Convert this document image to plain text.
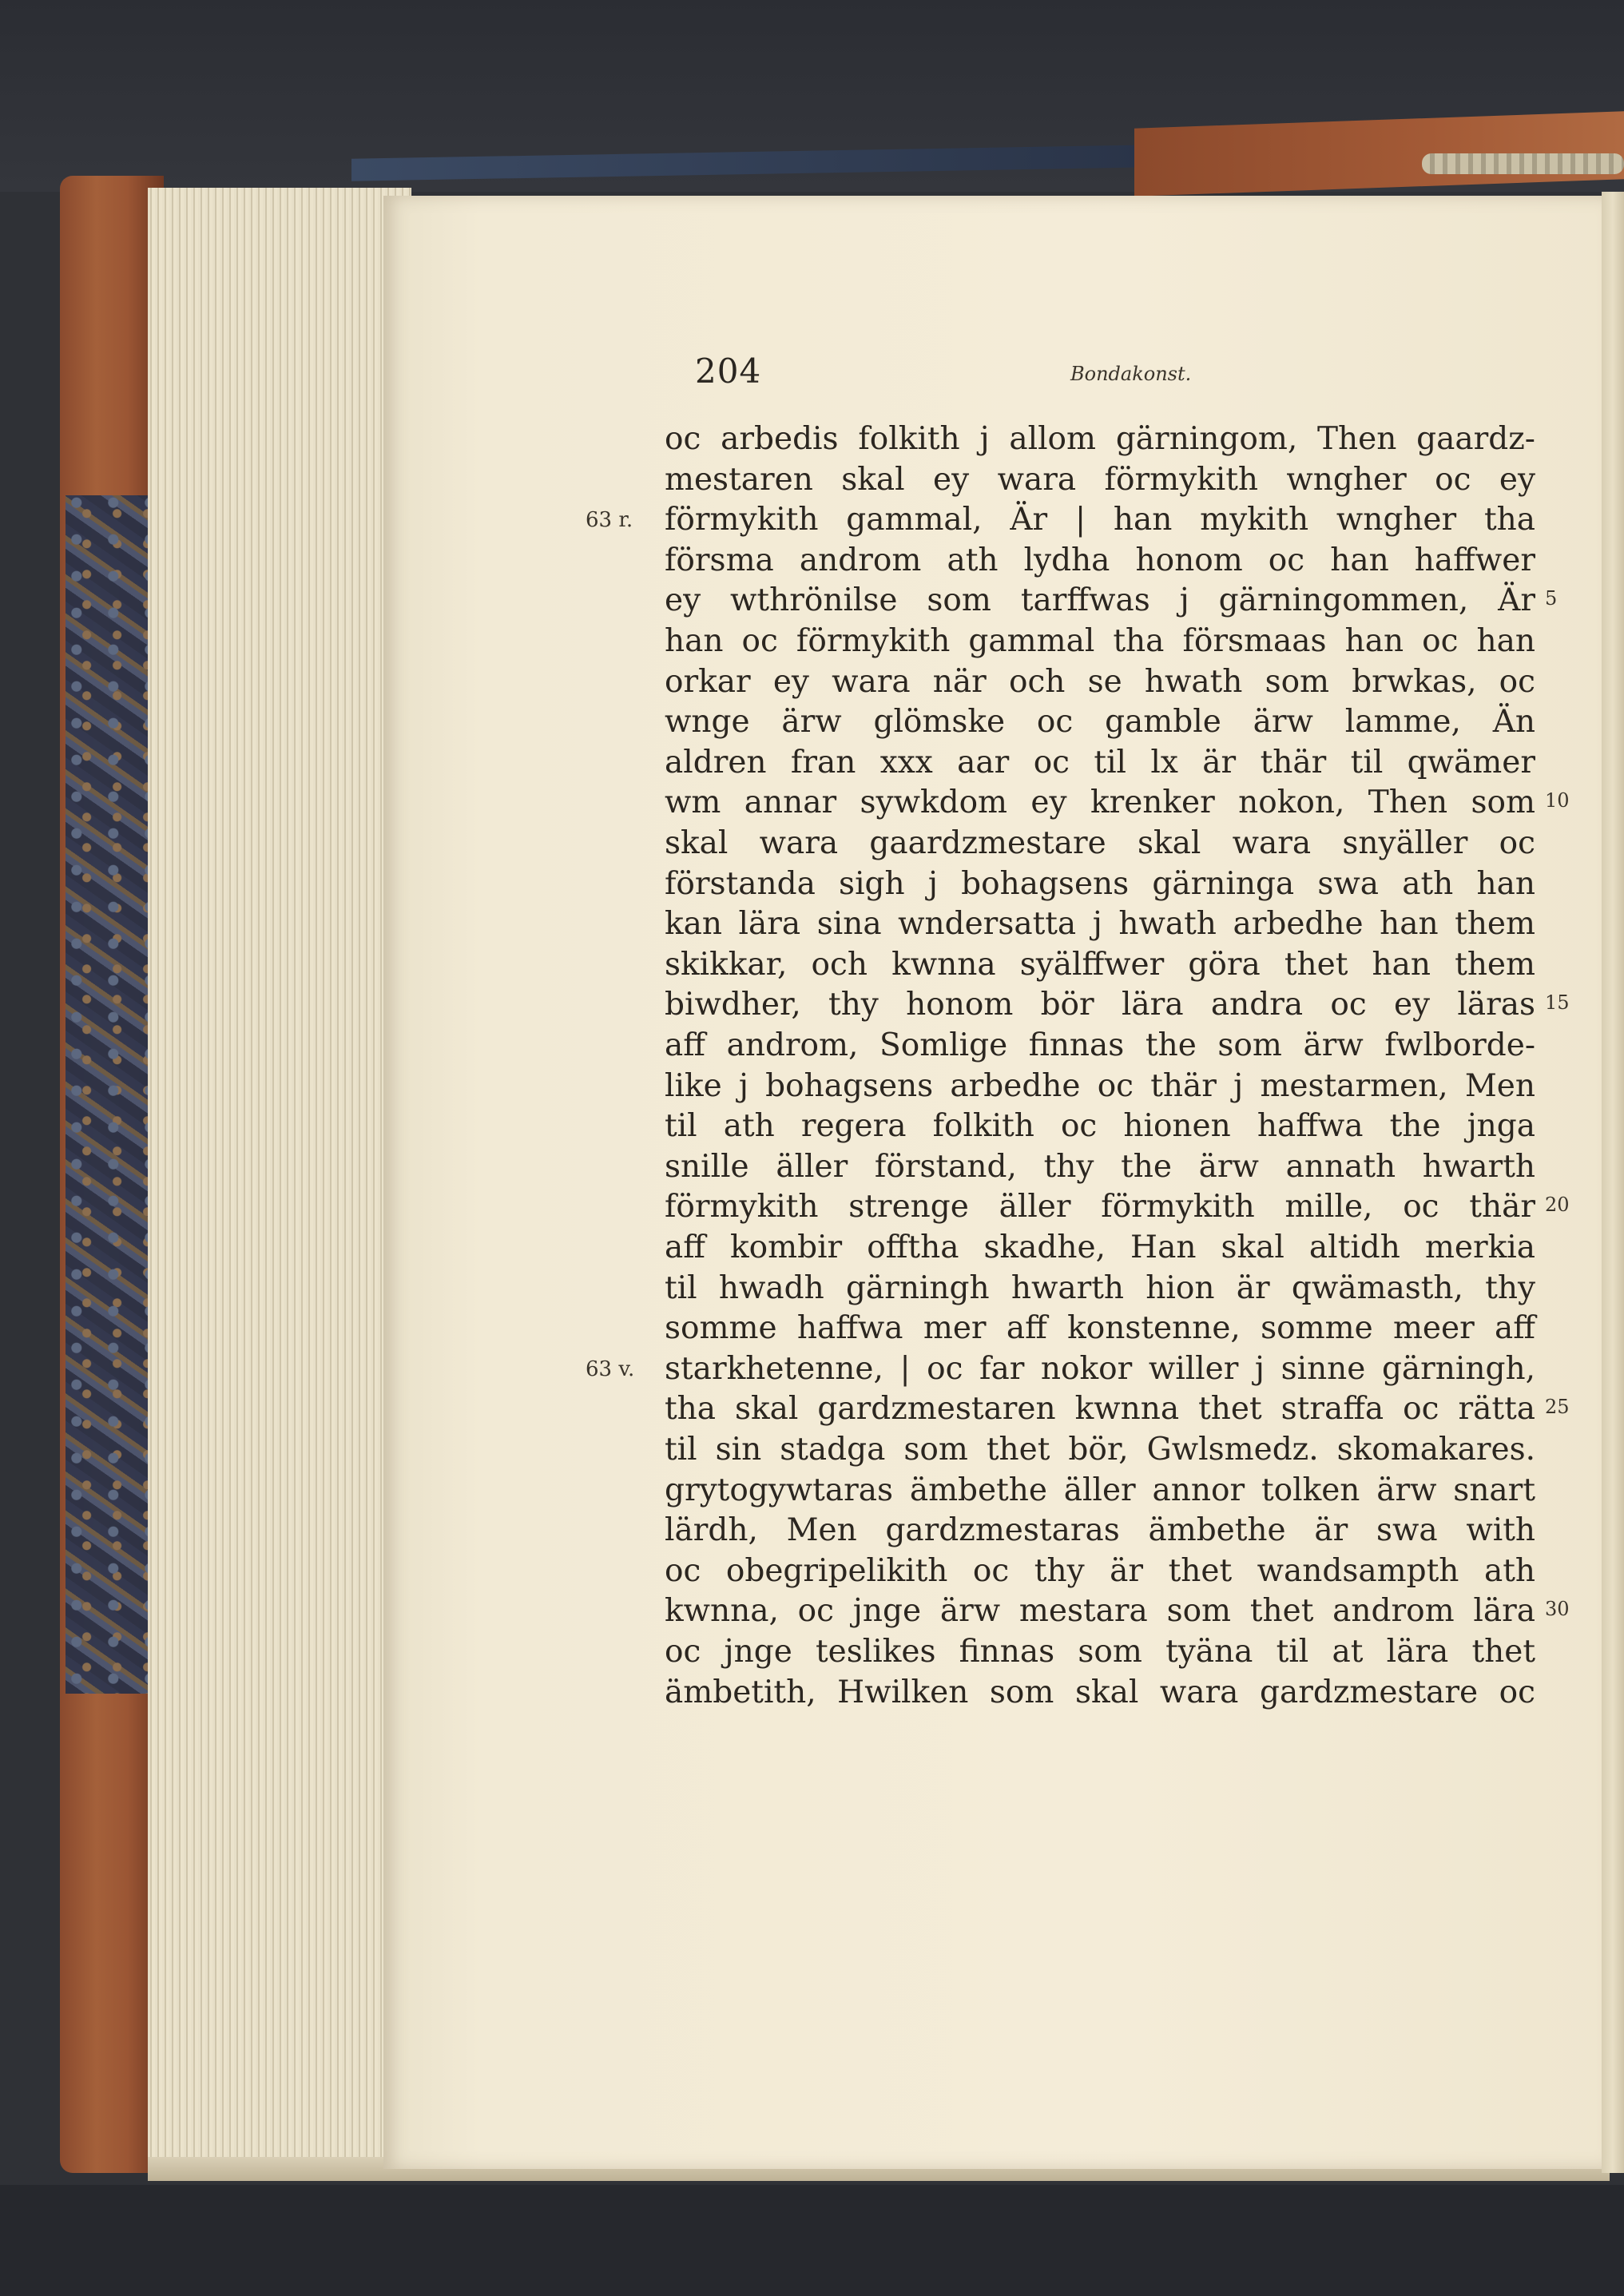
204	Bondakonst.
oc arbedis folkith j allom gärningom, Then gaardz-
mestaren skal ey wara förmykith wngher oc ey
förmykith gammal, Är | han mykith wngher tha
försma androm ath lydha honom oc han haffwer
ey wthrönilse som tarffwas j gärningommen, Är
han oc förmykith gammal tha försmaas han oc han
orkar ey wara när och se hwath som brwkas, oc
wnge ärw glömske oc gamble ärw lamme, Än
aldren fran xxx aar oc til lx är thär til qwämer
wm annar sywkdom ey krenker nokon, Then som
skal wara gaardzmestare skal wara snyäller oc
förstanda sigh j bohagsens gärninga swa ath han
kan lära sina wndersatta j hwath arbedhe han them
skikkar, och kwnna syälffwer göra thet han them
biwdher, thy honom bör lära andra oc ey läras
aff androm, Somlige finnas the som ärw fwlborde-
like j bohagsens arbedhe oc thär j mestarmen, Men
til ath regera folkith oc hionen haffwa the jnga
snille äller förstand, thy the ärw annath hwarth
förmykith strenge äller förmykith mille, oc thär
aff kombir offtha skadhe, Han skal altidh merkia
til hwadh gärningh hwarth hion är qwämasth, thy
somme haffwa mer aff konstenne, somme meer aff
starkhetenne, | oc far nokor willer j sinne gärningh,
tha skal gardzmestaren kwnna thet straffa oc rätta
til sin stadga som thet bör, Gwlsmedz. skomakares.
grytogywtaras ämbethe äller annor tolken ärw snart
lärdh, Men gardzmestaras ämbethe är swa with
oc obegripelikith oc thy är thet wandsampth ath
kwnna, oc jnge ärw mestara som thet androm lära
oc jnge teslikes finnas som tyäna til at lära thet
ämbetith, Hwilken som skal wara gardzmestare oc
63 r.
63 v.
5
10
15
20
25
30
